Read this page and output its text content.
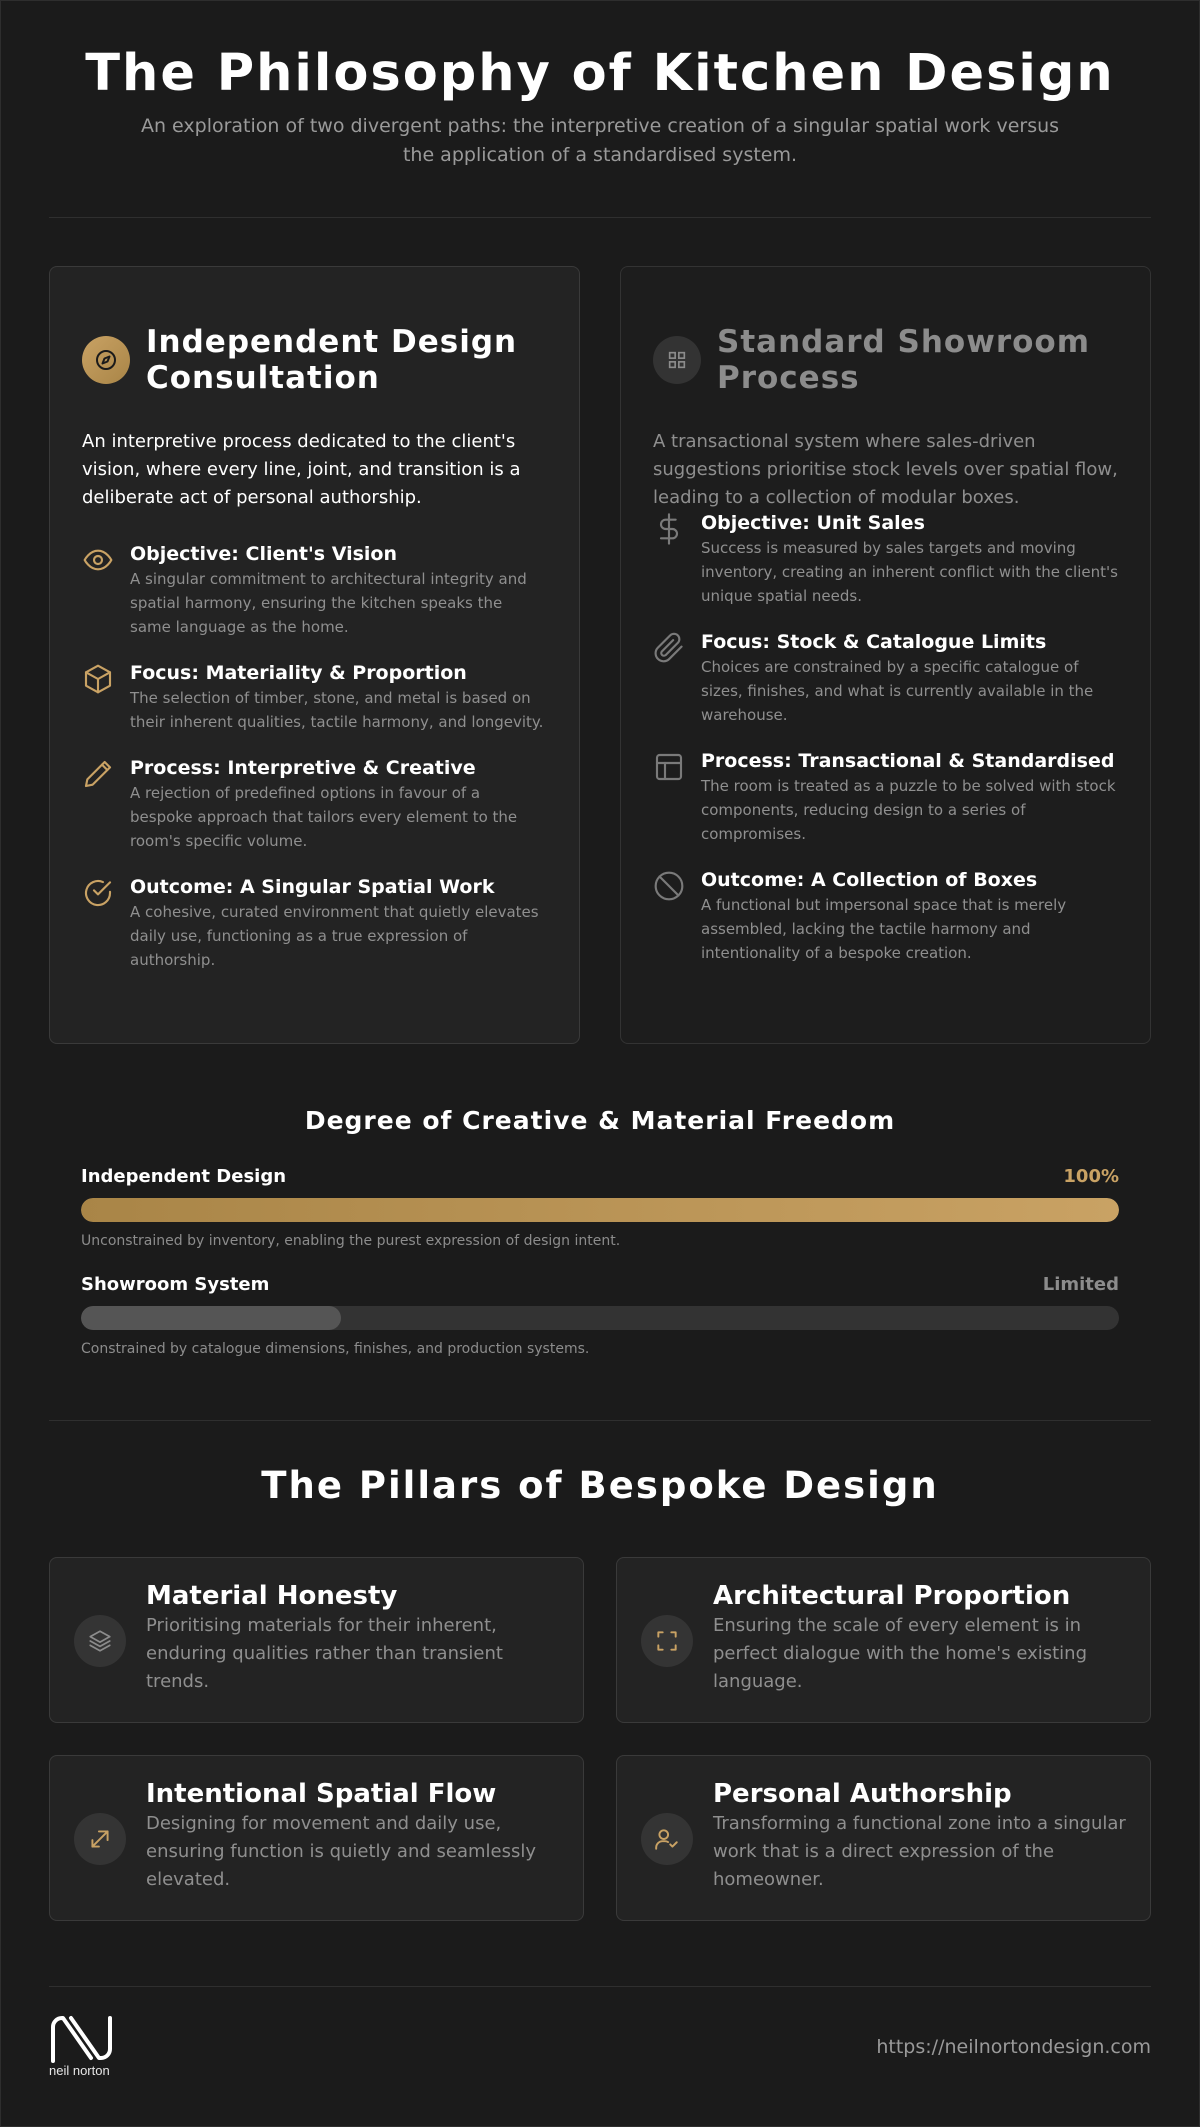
The Philosophy of Kitchen Design

An exploration of two divergent paths: the interpretive creation of a singular spatial work versus the application of a standardised system.

Independent Design Consultation

An interpretive process dedicated to the client's vision, where every line, joint, and transition is a deliberate act of personal authorship.

Objective: Client's Vision
A singular commitment to architectural integrity and spatial harmony, ensuring the kitchen speaks the same language as the home.
Focus: Materiality & Proportion
The selection of timber, stone, and metal is based on their inherent qualities, tactile harmony, and longevity.
Process: Interpretive & Creative
A rejection of predefined options in favour of a bespoke approach that tailors every element to the room's specific volume.
Outcome: A Singular Spatial Work
A cohesive, curated environment that quietly elevates daily use, functioning as a true expression of authorship.
Standard Showroom Process

A transactional system where sales-driven suggestions prioritise stock levels over spatial flow, leading to a collection of modular boxes.

Objective: Unit Sales
Success is measured by sales targets and moving inventory, creating an inherent conflict with the client's unique spatial needs.
Focus: Stock & Catalogue Limits
Choices are constrained by a specific catalogue of sizes, finishes, and what is currently available in the warehouse.
Process: Transactional & Standardised
The room is treated as a puzzle to be solved with stock components, reducing design to a series of compromises.
Outcome: A Collection of Boxes
A functional but impersonal space that is merely assembled, lacking the tactile harmony and intentionality of a bespoke creation.
Degree of Creative & Material Freedom
Independent Design	100%
Unconstrained by inventory, enabling the purest expression of design intent.
Showroom System	Limited
Constrained by catalogue dimensions, finishes, and production systems.
The Pillars of Bespoke Design
Material Honesty
Prioritising materials for their inherent, enduring qualities rather than transient trends.
Architectural Proportion
Ensuring the scale of every element is in perfect dialogue with the home's existing language.
Intentional Spatial Flow
Designing for movement and daily use, ensuring function is quietly and seamlessly elevated.
Personal Authorship
Transforming a functional zone into a singular work that is a direct expression of the homeowner.
neil norton
https://neilnortondesign.com
